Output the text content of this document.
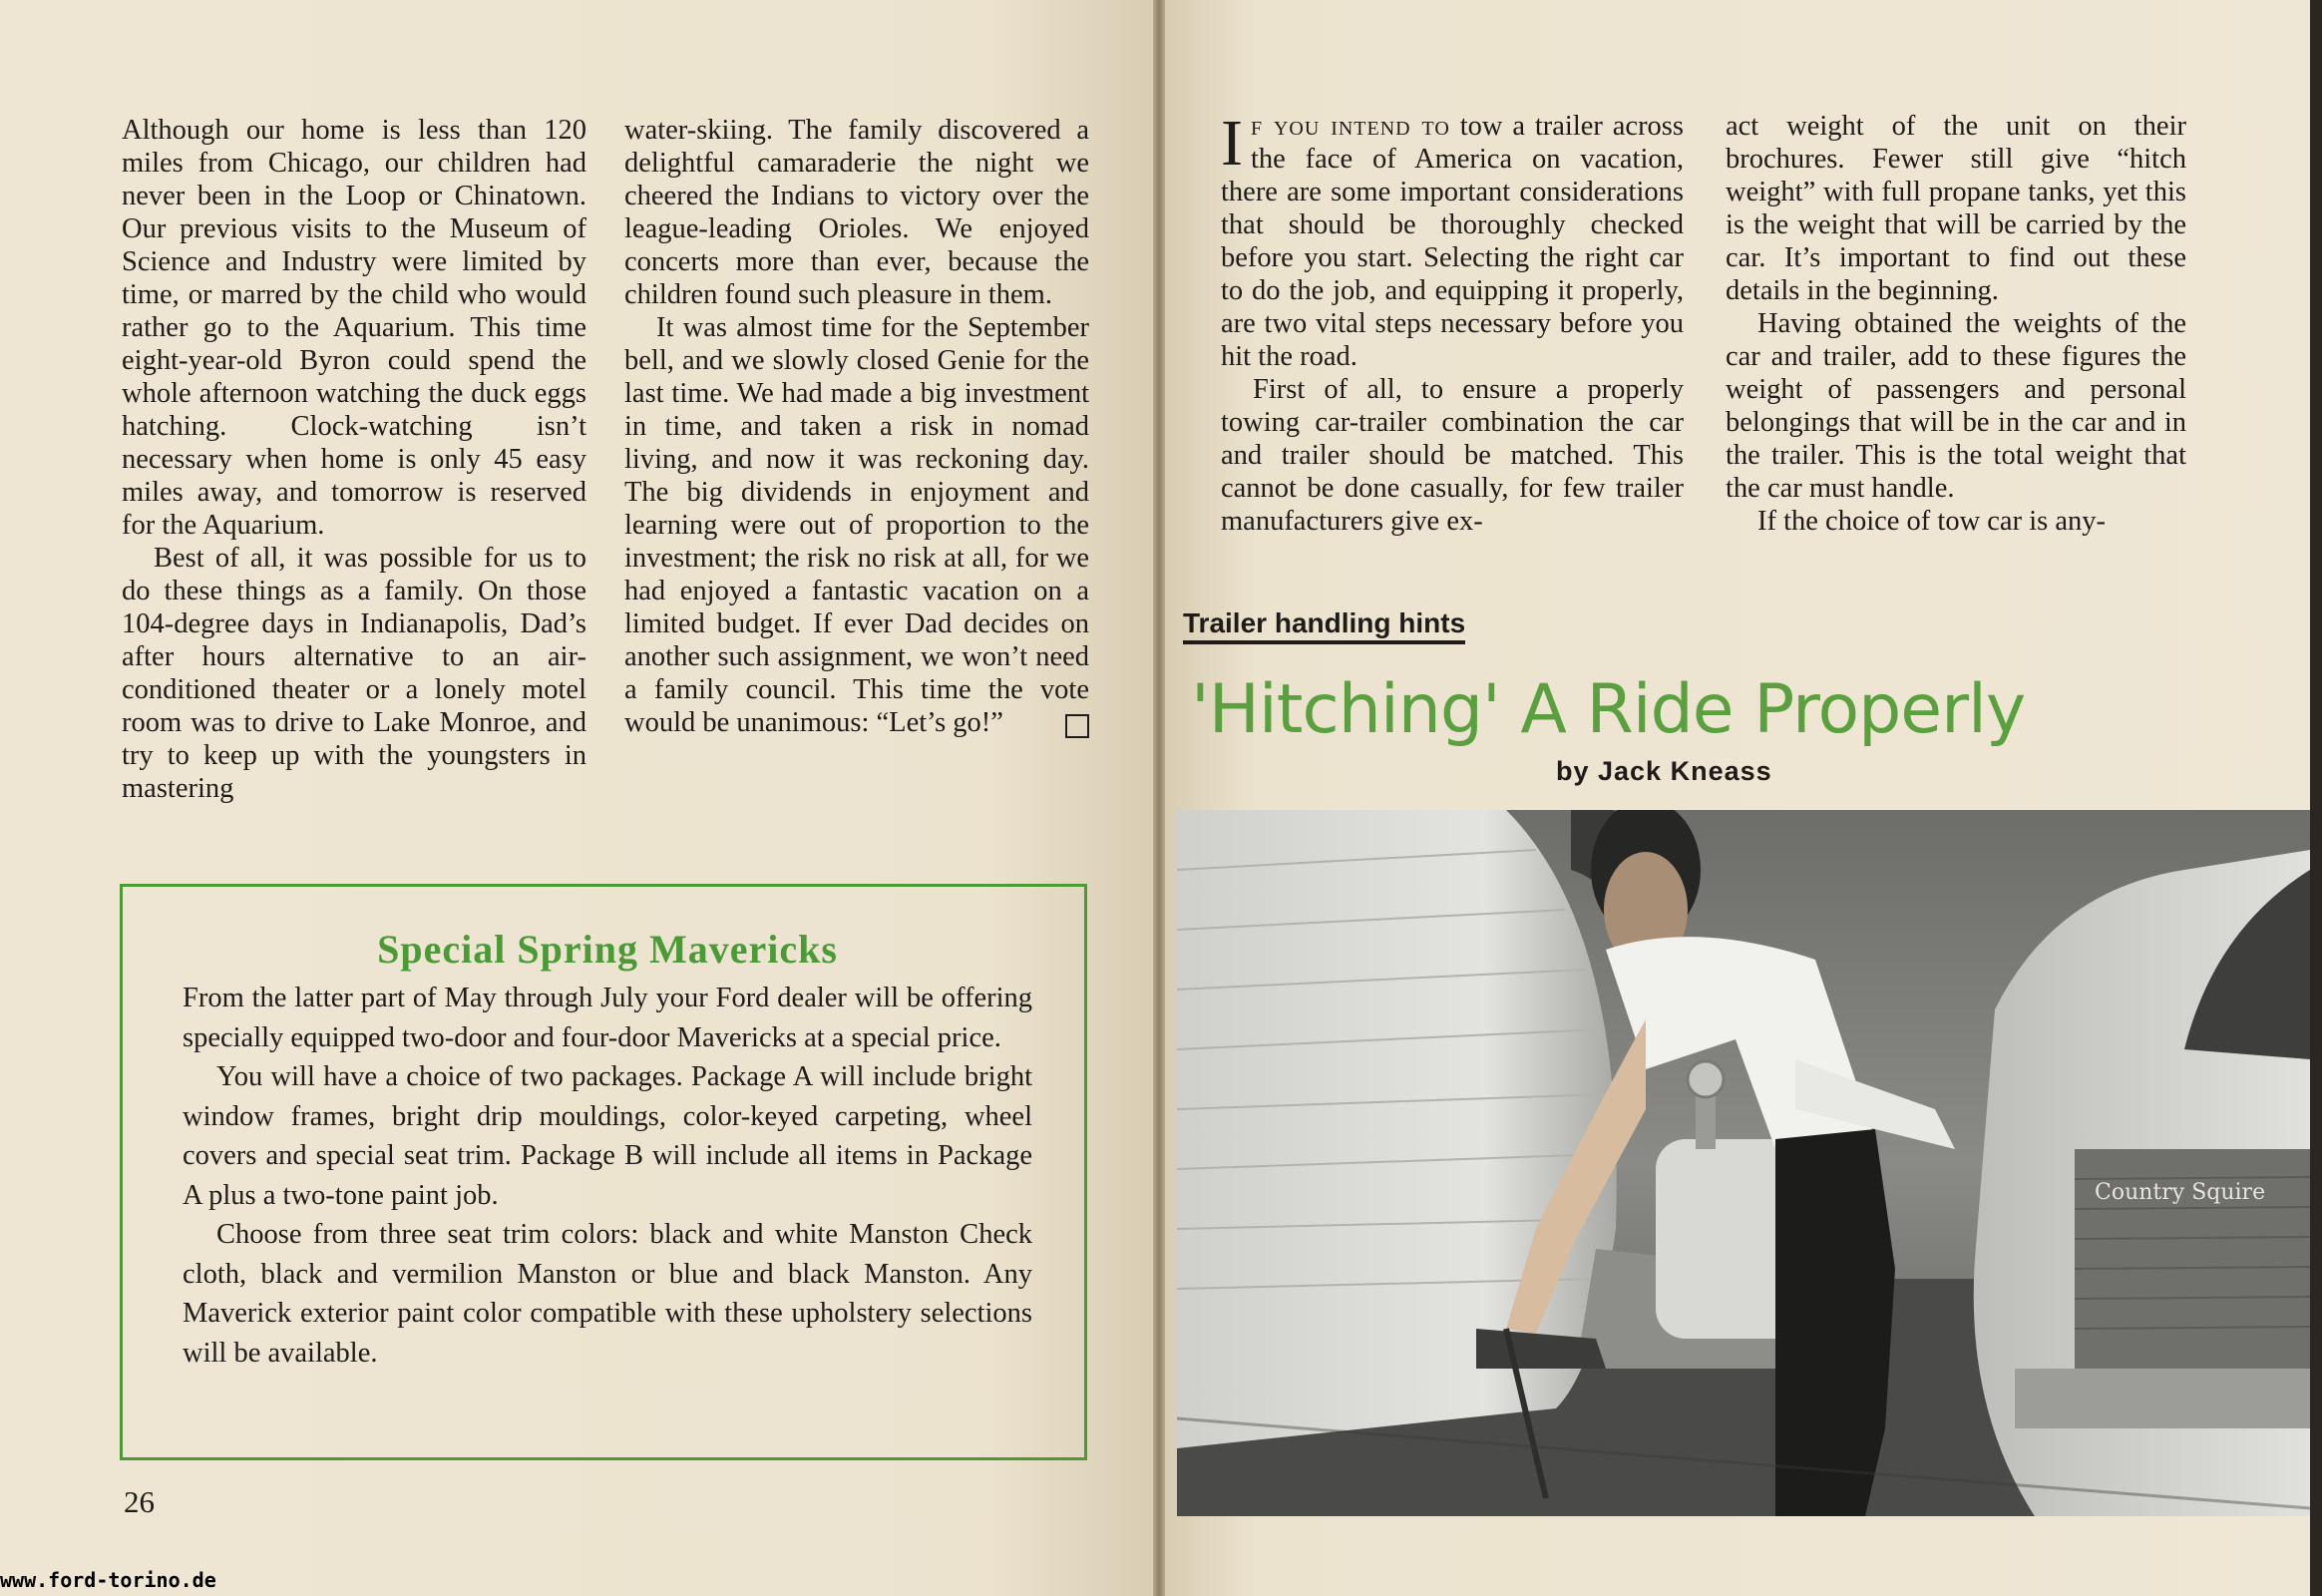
Although our home is less than 120 miles from Chicago, our children had never been in the Loop or Chinatown. Our previous visits to the Museum of Science and Industry were limited by time, or marred by the child who would rather go to the Aquarium. This time eight-year-old Byron could spend the whole afternoon watching the duck eggs hatching. Clock-watching isn’t necessary when home is only 45 easy miles away, and tomorrow is reserved for the Aquarium.

Best of all, it was possible for us to do these things as a family. On those 104-degree days in Indianapolis, Dad’s after hours alternative to an air-conditioned theater or a lonely motel room was to drive to Lake Monroe, and try to keep up with the youngsters in mastering

water-skiing. The family discovered a delightful camaraderie the night we cheered the Indians to victory over the league-leading Orioles. We enjoyed concerts more than ever, because the children found such pleasure in them.

It was almost time for the September bell, and we slowly closed Genie for the last time. We had made a big investment in time, and taken a risk in nomad living, and now it was reckoning day. The big dividends in enjoyment and learning were out of proportion to the investment; the risk no risk at all, for we had enjoyed a fantastic vacation on a limited budget. If ever Dad decides on another such assignment, we won’t need a family council. This time the vote would be unanimous: “Let’s go!”

Special Spring Mavericks

From the latter part of May through July your Ford dealer will be offering specially equipped two-door and four-door Mavericks at a special price.

You will have a choice of two packages. Package A will include bright window frames, bright drip mouldings, color-keyed carpeting, wheel covers and special seat trim. Package B will include all items in Package A plus a two-tone paint job.

Choose from three seat trim colors: black and white Manston Check cloth, black and vermilion Manston or blue and black Manston. Any Maverick exterior paint color compatible with these upholstery selections will be available.

26

If you intend to tow a trailer across the face of America on vacation, there are some important considerations that should be thoroughly checked before you start. Selecting the right car to do the job, and equipping it properly, are two vital steps necessary before you hit the road.

First of all, to ensure a properly towing car-trailer combination the car and trailer should be matched. This cannot be done casually, for few trailer manufacturers give ex-

act weight of the unit on their brochures. Fewer still give “hitch weight” with full propane tanks, yet this is the weight that will be carried by the car. It’s important to find out these details in the beginning.

Having obtained the weights of the car and trailer, add to these figures the weight of passengers and personal belongings that will be in the car and in the trailer. This is the total weight that the car must handle.

If the choice of tow car is any-

Trailer handling hints
'Hitching' A Ride Properly
by Jack Kneass
Country Squire
www.ford-torino.de
